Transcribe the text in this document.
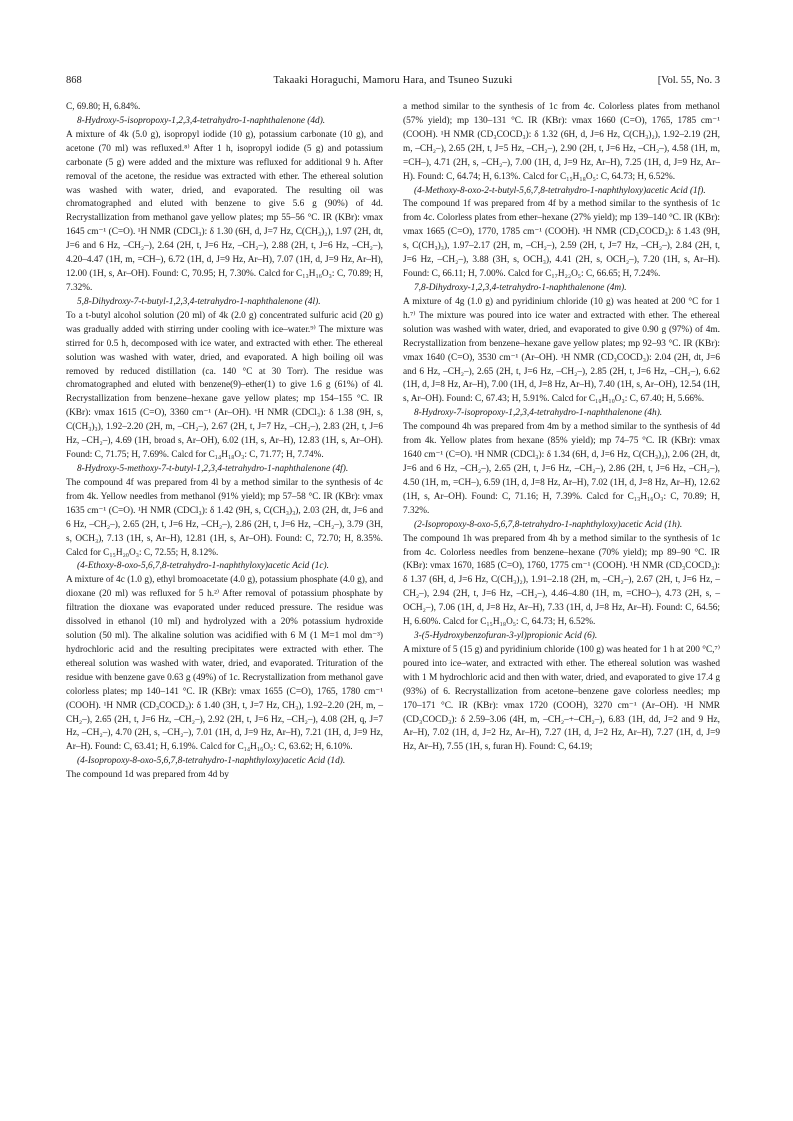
868	Takaaki Horaguchi, Mamoru Hara, and Tsuneo Suzuki	[Vol. 55, No. 3

C, 69.80; H, 6.84%.

8-Hydroxy-5-isopropoxy-1,2,3,4-tetrahydro-1-naphthalenone (4d).

A mixture of 4k (5.0 g), isopropyl iodide (10 g), potassium carbonate (10 g), and acetone (70 ml) was refluxed.⁸⁾ After 1 h, isopropyl iodide (5 g) and potassium carbonate (5 g) were added and the mixture was refluxed for additional 9 h. After removal of the acetone, the residue was extracted with ether. The ethereal solution was washed with water, dried, and evaporated. The resulting oil was chromatographed and eluted with benzene to give 5.6 g (90%) of 4d. Recrystallization from methanol gave yellow plates; mp 55–56 °C. IR (KBr): νmax 1645 cm⁻¹ (C=O). ¹H NMR (CDCl₃): δ 1.30 (6H, d, J=7 Hz, C(CH₃)₂), 1.97 (2H, dt, J=6 and 6 Hz, –CH₂–), 2.64 (2H, t, J=6 Hz, –CH₂–), 2.88 (2H, t, J=6 Hz, –CH₂–), 4.20–4.47 (1H, m, =CH–), 6.72 (1H, d, J=9 Hz, Ar–H), 7.07 (1H, d, J=9 Hz, Ar–H), 12.00 (1H, s, Ar–OH). Found: C, 70.95; H, 7.30%. Calcd for C₁₃H₁₆O₃: C, 70.89; H, 7.32%.

5,8-Dihydroxy-7-t-butyl-1,2,3,4-tetrahydro-1-naphthalenone (4l).

To a t-butyl alcohol solution (20 ml) of 4k (2.0 g) concentrated sulfuric acid (20 g) was gradually added with stirring under cooling with ice–water.⁹⁾ The mixture was stirred for 0.5 h, decomposed with ice water, and extracted with ether. The ethereal solution was washed with water, dried, and evaporated. A high boiling oil was removed by reduced distillation (ca. 140 °C at 30 Torr). The residue was chromatographed and eluted with benzene(9)–ether(1) to give 1.6 g (61%) of 4l. Recrystallization from benzene–hexane gave yellow plates; mp 154–155 °C. IR (KBr): νmax 1615 (C=O), 3360 cm⁻¹ (Ar–OH). ¹H NMR (CDCl₃): δ 1.38 (9H, s, C(CH₃)₃), 1.92–2.20 (2H, m, –CH₂–), 2.67 (2H, t, J=7 Hz, –CH₂–), 2.83 (2H, t, J=6 Hz, –CH₂–), 4.69 (1H, broad s, Ar–OH), 6.02 (1H, s, Ar–H), 12.83 (1H, s, Ar–OH). Found: C, 71.75; H, 7.69%. Calcd for C₁₄H₁₈O₃: C, 71.77; H, 7.74%.

8-Hydroxy-5-methoxy-7-t-butyl-1,2,3,4-tetrahydro-1-naphthalenone (4f).

The compound 4f was prepared from 4l by a method similar to the synthesis of 4c from 4k. Yellow needles from methanol (91% yield); mp 57–58 °C. IR (KBr): νmax 1635 cm⁻¹ (C=O). ¹H NMR (CDCl₃): δ 1.42 (9H, s, C(CH₃)₃), 2.03 (2H, dt, J=6 and 6 Hz, –CH₂–), 2.65 (2H, t, J=6 Hz, –CH₂–), 2.86 (2H, t, J=6 Hz, –CH₂–), 3.79 (3H, s, OCH₃), 7.13 (1H, s, Ar–H), 12.81 (1H, s, Ar–OH). Found: C, 72.70; H, 8.35%. Calcd for C₁₅H₂₀O₃: C, 72.55; H, 8.12%.

(4-Ethoxy-8-oxo-5,6,7,8-tetrahydro-1-naphthyloxy)acetic Acid (1c).

A mixture of 4c (1.0 g), ethyl bromoacetate (4.0 g), potassium phosphate (4.0 g), and dioxane (20 ml) was refluxed for 5 h.²⁾ After removal of potassium phosphate by filtration the dioxane was evaporated under reduced pressure. The residue was dissolved in ethanol (10 ml) and hydrolyzed with a 20% potassium hydroxide solution (50 ml). The alkaline solution was acidified with 6 M (1 M=1 mol dm⁻³) hydrochloric acid and the resulting precipitates were extracted with ether. The ethereal solution was washed with water, dried, and evaporated. Trituration of the residue with benzene gave 0.63 g (49%) of 1c. Recrystallization from methanol gave colorless plates; mp 140–141 °C. IR (KBr): νmax 1655 (C=O), 1765, 1780 cm⁻¹ (COOH). ¹H NMR (CD₃COCD₃): δ 1.40 (3H, t, J=7 Hz, CH₃), 1.92–2.20 (2H, m, –CH₂–), 2.65 (2H, t, J=6 Hz, –CH₂–), 2.92 (2H, t, J=6 Hz, –CH₂–), 4.08 (2H, q, J=7 Hz, –CH₂–), 4.70 (2H, s, –CH₂–), 7.01 (1H, d, J=9 Hz, Ar–H), 7.21 (1H, d, J=9 Hz, Ar–H). Found: C, 63.41; H, 6.19%. Calcd for C₁₄H₁₆O₅: C, 63.62; H, 6.10%.

(4-Isopropoxy-8-oxo-5,6,7,8-tetrahydro-1-naphthyloxy)acetic Acid (1d).

The compound 1d was prepared from 4d by

a method similar to the synthesis of 1c from 4c. Colorless plates from methanol (57% yield); mp 130–131 °C. IR (KBr): νmax 1660 (C=O), 1765, 1785 cm⁻¹ (COOH). ¹H NMR (CD₃COCD₃): δ 1.32 (6H, d, J=6 Hz, C(CH₃)₂), 1.92–2.19 (2H, m, –CH₂–), 2.65 (2H, t, J=5 Hz, –CH₂–), 2.90 (2H, t, J=6 Hz, –CH₂–), 4.58 (1H, m, =CH–), 4.71 (2H, s, –CH₂–), 7.00 (1H, d, J=9 Hz, Ar–H), 7.25 (1H, d, J=9 Hz, Ar–H). Found: C, 64.74; H, 6.13%. Calcd for C₁₅H₁₈O₅: C, 64.73; H, 6.52%.

(4-Methoxy-8-oxo-2-t-butyl-5,6,7,8-tetrahydro-1-naphthyloxy)acetic Acid (1f).

The compound 1f was prepared from 4f by a method similar to the synthesis of 1c from 4c. Colorless plates from ether–hexane (27% yield); mp 139–140 °C. IR (KBr): νmax 1665 (C=O), 1770, 1785 cm⁻¹ (COOH). ¹H NMR (CD₃COCD₃): δ 1.43 (9H, s, C(CH₃)₃), 1.97–2.17 (2H, m, –CH₂–), 2.59 (2H, t, J=7 Hz, –CH₂–), 2.84 (2H, t, J=6 Hz, –CH₂–), 3.88 (3H, s, OCH₃), 4.41 (2H, s, OCH₂–), 7.20 (1H, s, Ar–H). Found: C, 66.11; H, 7.00%. Calcd for C₁₇H₂₂O₅: C, 66.65; H, 7.24%.

7,8-Dihydroxy-1,2,3,4-tetrahydro-1-naphthalenone (4m).

A mixture of 4g (1.0 g) and pyridinium chloride (10 g) was heated at 200 °C for 1 h.⁷⁾ The mixture was poured into ice water and extracted with ether. The ethereal solution was washed with water, dried, and evaporated to give 0.90 g (97%) of 4m. Recrystallization from benzene–hexane gave yellow plates; mp 92–93 °C. IR (KBr): νmax 1640 (C=O), 3530 cm⁻¹ (Ar–OH). ¹H NMR (CD₃COCD₃): 2.04 (2H, dt, J=6 and 6 Hz, –CH₂–), 2.65 (2H, t, J=6 Hz, –CH₂–), 2.85 (2H, t, J=6 Hz, –CH₂–), 6.62 (1H, d, J=8 Hz, Ar–H), 7.00 (1H, d, J=8 Hz, Ar–H), 7.40 (1H, s, Ar–OH), 12.54 (1H, s, Ar–OH). Found: C, 67.43; H, 5.91%. Calcd for C₁₀H₁₀O₃: C, 67.40; H, 5.66%.

8-Hydroxy-7-isopropoxy-1,2,3,4-tetrahydro-1-naphthalenone (4h).

The compound 4h was prepared from 4m by a method similar to the synthesis of 4d from 4k. Yellow plates from hexane (85% yield); mp 74–75 °C. IR (KBr): νmax 1640 cm⁻¹ (C=O). ¹H NMR (CDCl₃): δ 1.34 (6H, d, J=6 Hz, C(CH₃)₂), 2.06 (2H, dt, J=6 and 6 Hz, –CH₂–), 2.65 (2H, t, J=6 Hz, –CH₂–), 2.86 (2H, t, J=6 Hz, –CH₂–), 4.50 (1H, m, =CH–), 6.59 (1H, d, J=8 Hz, Ar–H), 7.02 (1H, d, J=8 Hz, Ar–H), 12.62 (1H, s, Ar–OH). Found: C, 71.16; H, 7.39%. Calcd for C₁₃H₁₆O₃: C, 70.89; H, 7.32%.

(2-Isopropoxy-8-oxo-5,6,7,8-tetrahydro-1-naphthyloxy)acetic Acid (1h).

The compound 1h was prepared from 4h by a method similar to the synthesis of 1c from 4c. Colorless needles from benzene–hexane (70% yield); mp 89–90 °C. IR (KBr): νmax 1670, 1685 (C=O), 1760, 1775 cm⁻¹ (COOH). ¹H NMR (CD₃COCD₃): δ 1.37 (6H, d, J=6 Hz, C(CH₃)₂), 1.91–2.18 (2H, m, –CH₂–), 2.67 (2H, t, J=6 Hz, –CH₂–), 2.94 (2H, t, J=6 Hz, –CH₂–), 4.46–4.80 (1H, m, =CHO–), 4.73 (2H, s, –OCH₂–), 7.06 (1H, d, J=8 Hz, Ar–H), 7.33 (1H, d, J=8 Hz, Ar–H). Found: C, 64.56; H, 6.60%. Calcd for C₁₅H₁₈O₅: C, 64.73; H, 6.52%.

3-(5-Hydroxybenzofuran-3-yl)propionic Acid (6).

A mixture of 5 (15 g) and pyridinium chloride (100 g) was heated for 1 h at 200 °C,⁷⁾ poured into ice–water, and extracted with ether. The ethereal solution was washed with 1 M hydrochloric acid and then with water, dried, and evaporated to give 17.4 g (93%) of 6. Recrystallization from acetone–benzene gave colorless needles; mp 170–171 °C. IR (KBr): νmax 1720 (COOH), 3270 cm⁻¹ (Ar–OH). ¹H NMR (CD₃COCD₃): δ 2.59–3.06 (4H, m, –CH₂–+–CH₂–), 6.83 (1H, dd, J=2 and 9 Hz, Ar–H), 7.02 (1H, d, J=2 Hz, Ar–H), 7.27 (1H, d, J=2 Hz, Ar–H), 7.27 (1H, d, J=9 Hz, Ar–H), 7.55 (1H, s, furan H). Found: C, 64.19;
